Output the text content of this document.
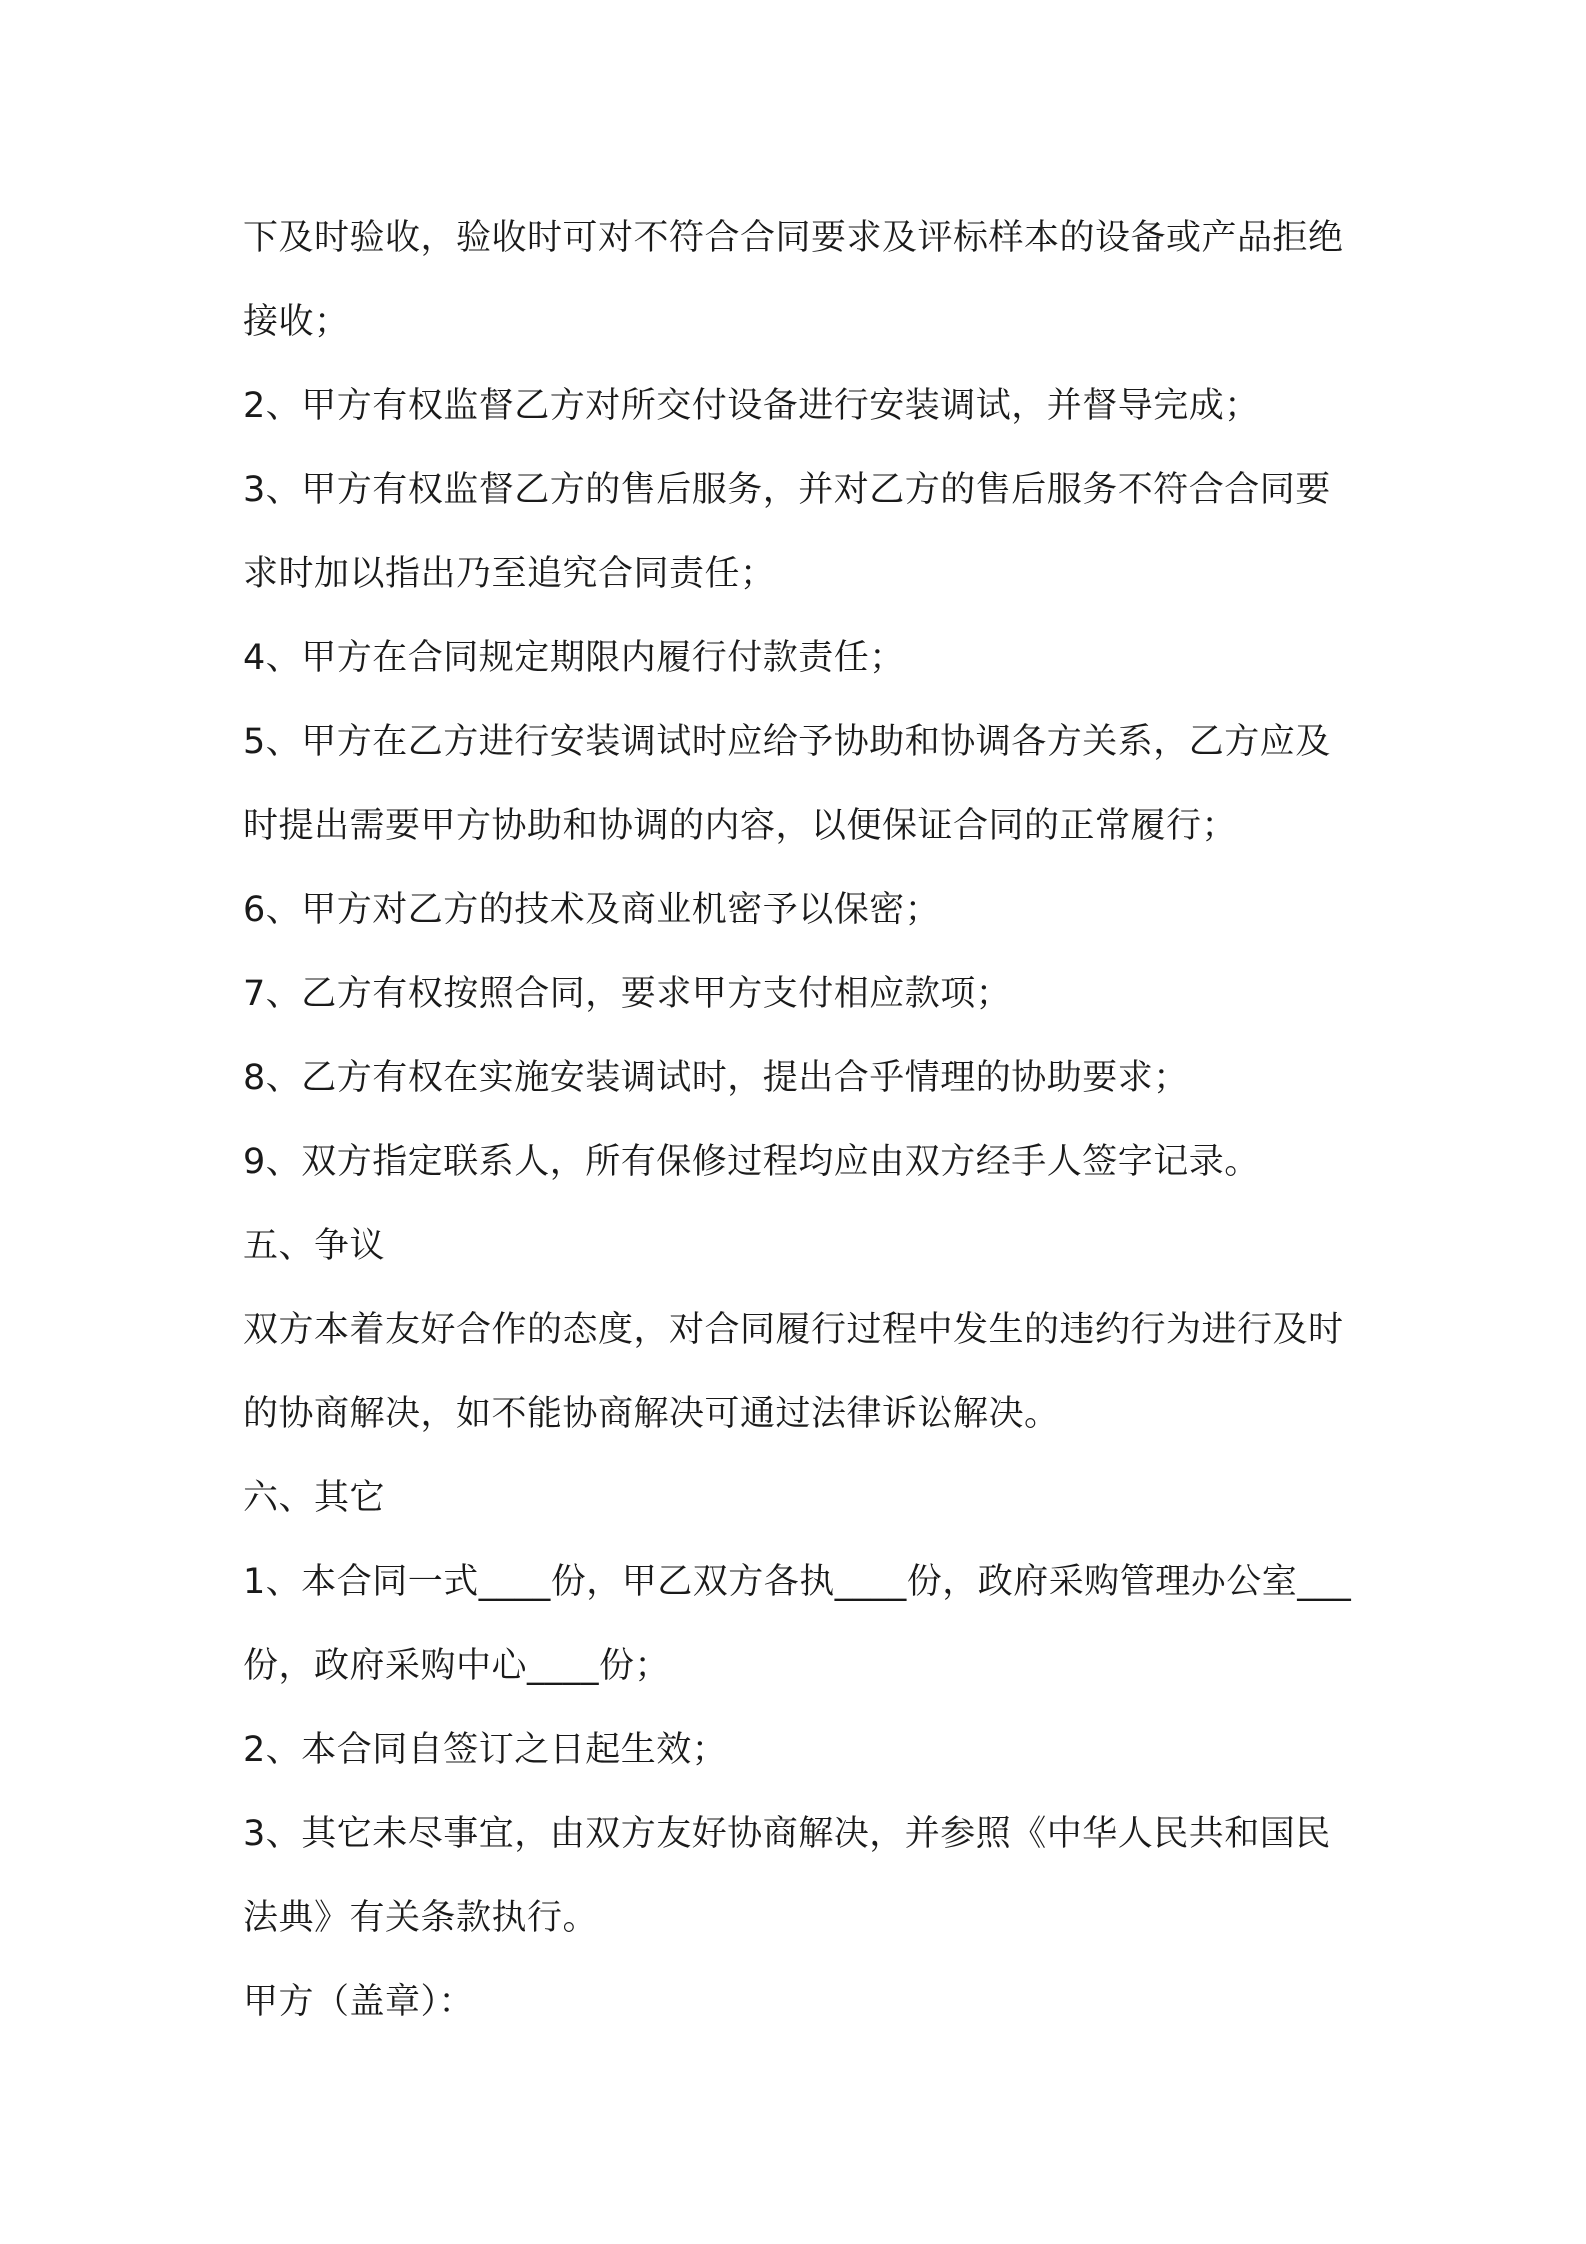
下及时验收，验收时可对不符合合同要求及评标样本的设备或产品拒绝接收；

2、甲方有权监督乙方对所交付设备进行安装调试，并督导完成；

3、甲方有权监督乙方的售后服务，并对乙方的售后服务不符合合同要求时加以指出乃至追究合同责任；

4、甲方在合同规定期限内履行付款责任；

5、甲方在乙方进行安装调试时应给予协助和协调各方关系，乙方应及时提出需要甲方协助和协调的内容，以便保证合同的正常履行；

6、甲方对乙方的技术及商业机密予以保密；

7、乙方有权按照合同，要求甲方支付相应款项；

8、乙方有权在实施安装调试时，提出合乎情理的协助要求；

9、双方指定联系人，所有保修过程均应由双方经手人签字记录。

五、争议

双方本着友好合作的态度，对合同履行过程中发生的违约行为进行及时的协商解决，如不能协商解决可通过法律诉讼解决。

六、其它

1、本合同一式____份，甲乙双方各执____份，政府采购管理办公室___份，政府采购中心____份；

2、本合同自签订之日起生效；

3、其它未尽事宜，由双方友好协商解决，并参照《中华人民共和国民法典》有关条款执行。

甲方（盖章）：
